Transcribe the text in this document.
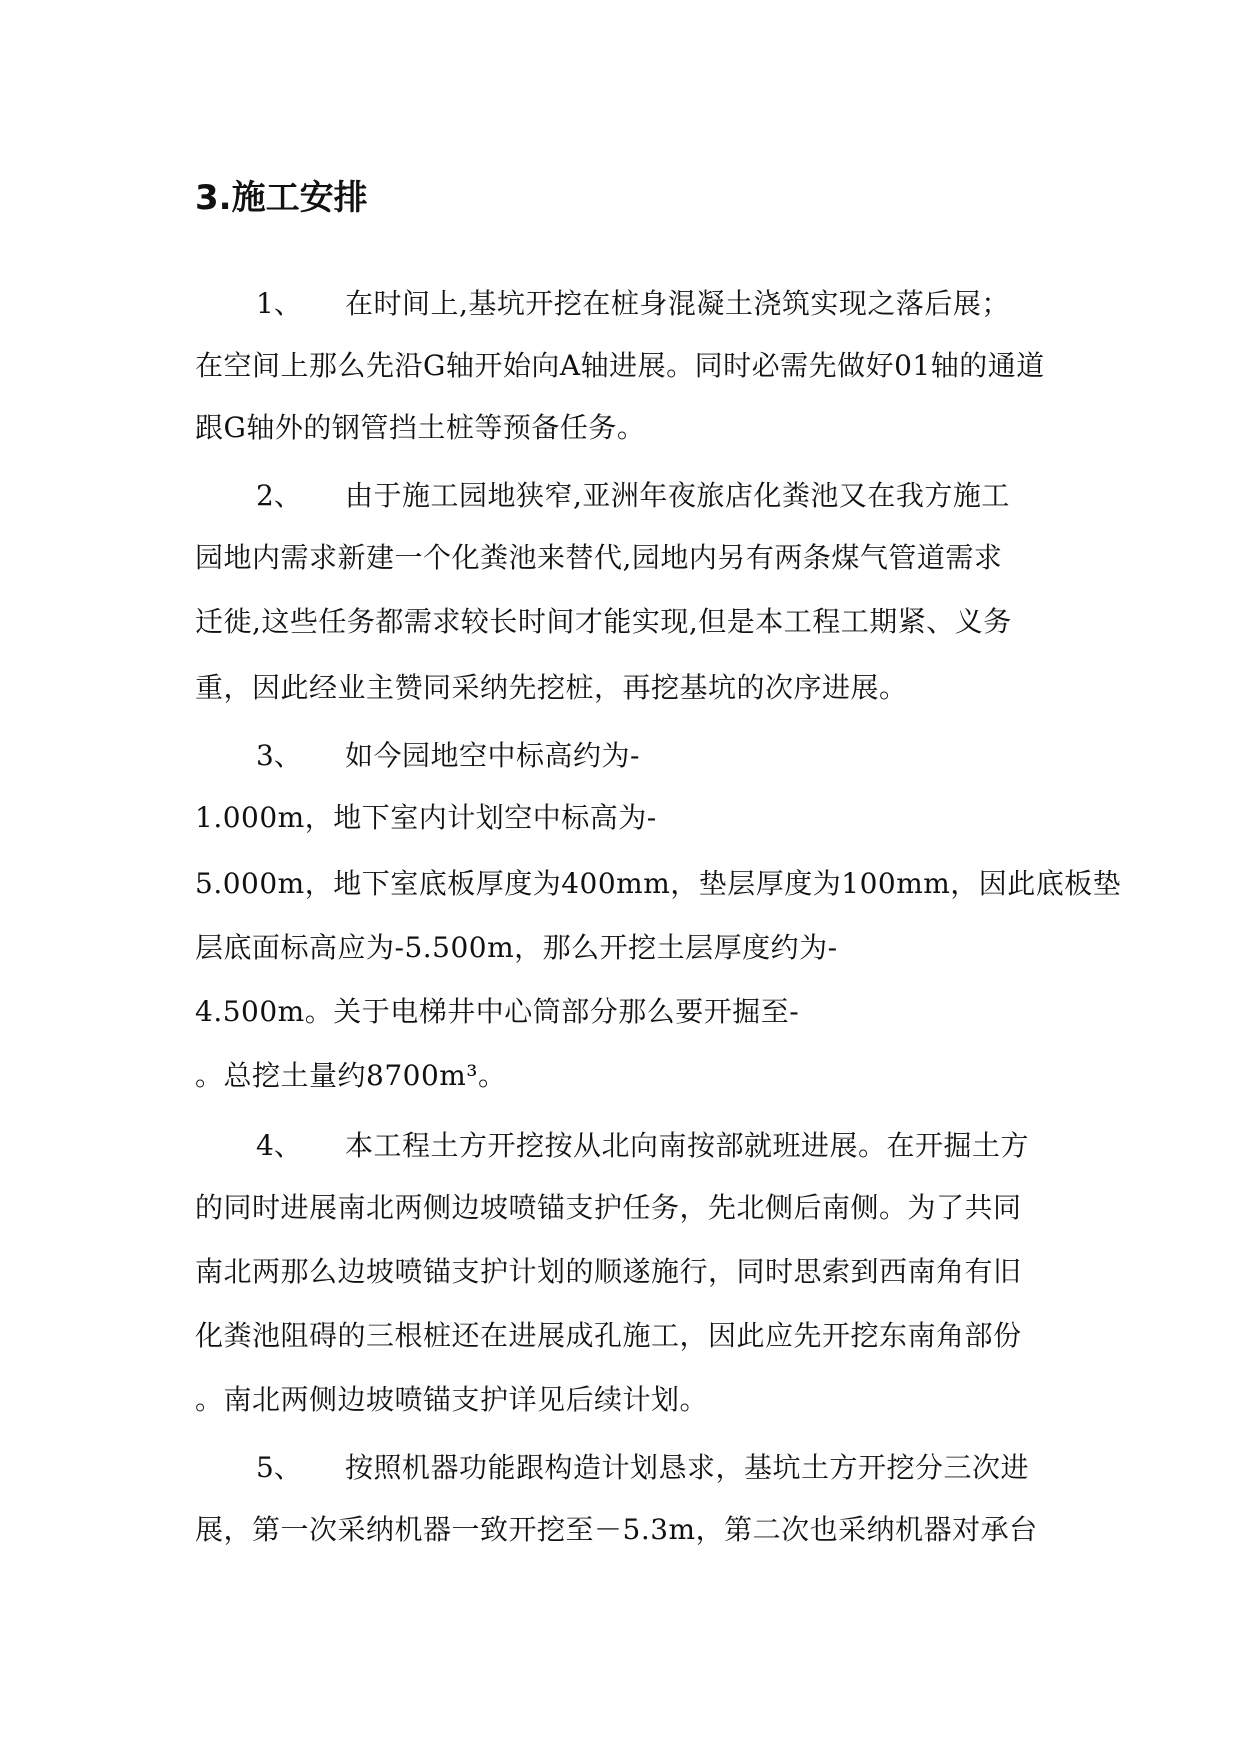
3.施工安排
1、 在时间上,基坑开挖在桩身混凝土浇筑实现之落后展；
在空间上那么先沿G轴开始向A轴进展。同时必需先做好01轴的通道
跟G轴外的钢管挡土桩等预备任务。
2、 由于施工园地狭窄,亚洲年夜旅店化粪池又在我方施工
园地内需求新建一个化粪池来替代,园地内另有两条煤气管道需求
迁徙,这些任务都需求较长时间才能实现,但是本工程工期紧、义务
重，因此经业主赞同采纳先挖桩，再挖基坑的次序进展。
3、 如今园地空中标高约为-
1.000m，地下室内计划空中标高为-
5.000m，地下室底板厚度为400mm，垫层厚度为100mm，因此底板垫
层底面标高应为-5.500m，那么开挖土层厚度约为-
4.500m。关于电梯井中心筒部分那么要开掘至-
。总挖土量约8700m³。
4、 本工程土方开挖按从北向南按部就班进展。在开掘土方
的同时进展南北两侧边坡喷锚支护任务，先北侧后南侧。为了共同
南北两那么边坡喷锚支护计划的顺遂施行，同时思索到西南角有旧
化粪池阻碍的三根桩还在进展成孔施工，因此应先开挖东南角部份
。南北两侧边坡喷锚支护详见后续计划。
5、 按照机器功能跟构造计划恳求，基坑土方开挖分三次进
展，第一次采纳机器一致开挖至－5.3m，第二次也采纳机器对承台
